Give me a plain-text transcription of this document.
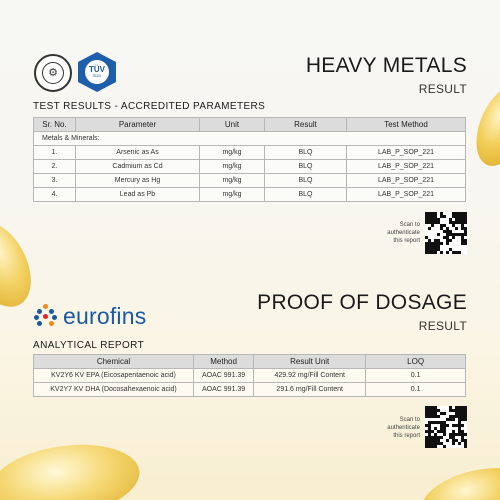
⚙	TÜV
SÜD	HEAVY METALS
RESULT
TEST RESULTS - ACCREDITED PARAMETERS
Sr. No.	Parameter	Unit	Result	Test Method
Metals & Minerals:				
1.	Arsenic as As	mg/kg	BLQ	LAB_P_SOP_221
2.	Cadmium as Cd	mg/kg	BLQ	LAB_P_SOP_221
3.	Mercury as Hg	mg/kg	BLQ	LAB_P_SOP_221
4.	Lead as Pb	mg/kg	BLQ	LAB_P_SOP_221
Scan to
authenticate
this report
eurofins	PROOF OF DOSAGE
RESULT
ANALYTICAL REPORT
Chemical	Method	Result Unit	LOQ
KV2Y6 KV EPA (Eicosapentaenoic acid)	AOAC 991.39	429.92 mg/Fill Content	0.1
KV2Y7 KV DHA (Docosahexaenoic acid)	AOAC 991.39	291.6 mg/Fill Content	0.1
Scan to
authenticate
this report
